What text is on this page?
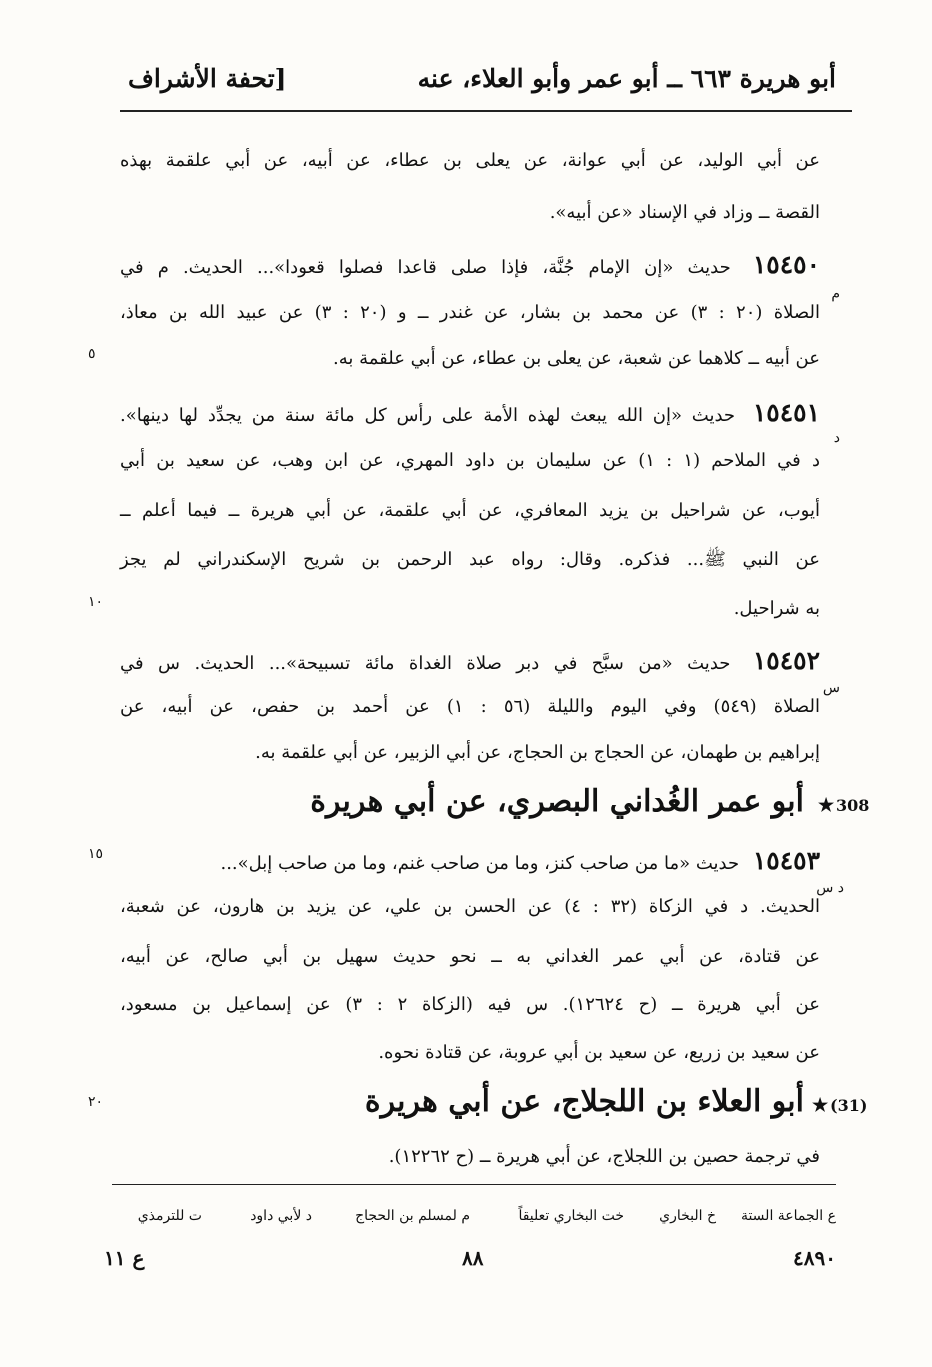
أبو هريرة ٦٦٣ ــ أبو عمر وأبو العلاء، عنه
[تحفة الأشراف
عن أبي الوليد، عن أبي عوانة، عن يعلى بن عطاء، عن أبيه، عن أبي علقمة بهذه
القصة ــ وزاد في الإسناد «عن أبيه».
١٥٤٥٠ حديث «إن الإمام جُنَّة، فإذا صلى قاعدا فصلوا قعودا»... الحديث. م في
م
الصلاة (٢٠ : ٣) عن محمد بن بشار، عن غندر ــ و (٢٠ : ٣) عن عبيد الله بن معاذ،
عن أبيه ــ كلاهما عن شعبة، عن يعلى بن عطاء، عن أبي علقمة به.
٥
١٥٤٥١ حديث «إن الله يبعث لهذه الأمة على رأس كل مائة سنة من يجدِّد لها دينها».
د
د في الملاحم (١ : ١) عن سليمان بن داود المهري، عن ابن وهب، عن سعيد بن أبي
أيوب، عن شراحيل بن يزيد المعافري، عن أبي علقمة، عن أبي هريرة ــ فيما أعلم ــ
عن النبي ﷺ... فذكره. وقال: رواه عبد الرحمن بن شريح الإسكندراني لم يجز
به شراحيل.
١٠
١٥٤٥٢ حديث «من سبَّح في دبر صلاة الغداة مائة تسبيحة»... الحديث. س في
س
الصلاة (٥٤٩) وفي اليوم والليلة (٥٦ : ١) عن أحمد بن حفص، عن أبيه، عن
إبراهيم بن طهمان، عن الحجاج بن الحجاج، عن أبي الزبير، عن أبي علقمة به.
308
★
أبو عمر الغُداني البصري، عن أبي هريرة
١٥٤٥٣ حديث «ما من صاحب كنز، وما من صاحب غنم، وما من صاحب إبل»...
١٥
د س
الحديث. د في الزكاة (٣٢ : ٤) عن الحسن بن علي، عن يزيد بن هارون، عن شعبة،
عن قتادة، عن أبي عمر الغداني به ــ نحو حديث سهيل بن أبي صالح، عن أبيه،
عن أبي هريرة ــ (ح ١٢٦٢٤). س فيه (الزكاة ٢ : ٣) عن إسماعيل بن مسعود،
عن سعيد بن زريع، عن سعيد بن أبي عروبة، عن قتادة نحوه.
(31)
★
أبو العلاء بن اللجلاج، عن أبي هريرة
٢٠
في ترجمة حصين بن اللجلاج، عن أبي هريرة ــ (ح ١٢٢٦٢).
ع الجماعة الستة
خ البخاري
خت البخاري تعليقاً
م لمسلم بن الحجاج
د لأبي داود
ت للترمذي
ع ١١	٨٨	٤٨٩٠
